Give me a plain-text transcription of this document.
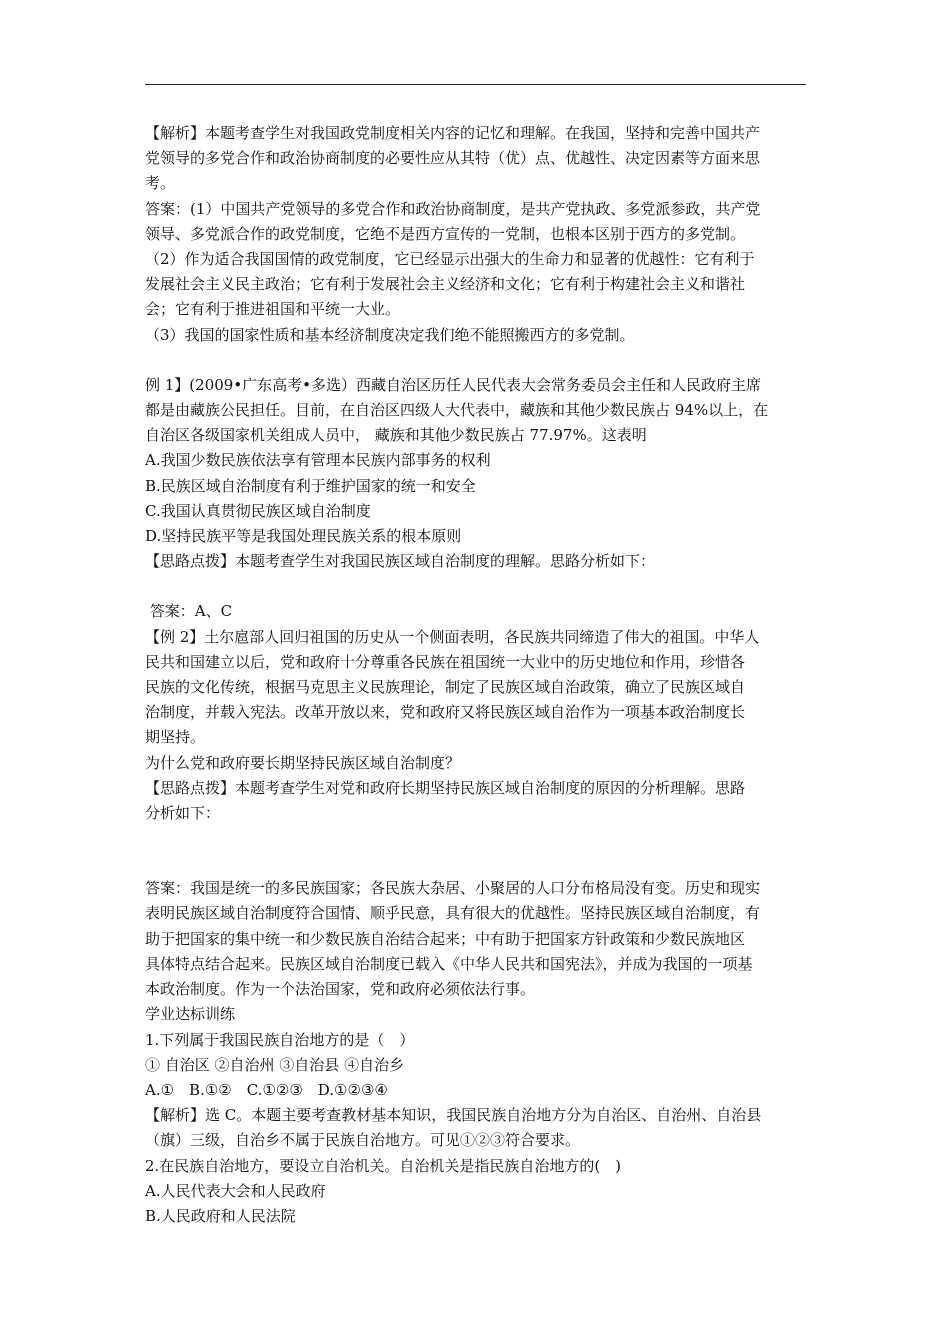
【解析】本题考查学生对我国政党制度相关内容的记忆和理解。在我国，坚持和完善中国共产

党领导的多党合作和政治协商制度的必要性应从其特（优）点、优越性、决定因素等方面来思

考。

答案：(1）中国共产党领导的多党合作和政治协商制度，是共产党执政、多党派参政，共产党

领导、多党派合作的政党制度，它绝不是西方宣传的一党制，也根本区别于西方的多党制。

（2）作为适合我国国情的政党制度，它已经显示出强大的生命力和显著的优越性：它有利于

发展社会主义民主政治；它有利于发展社会主义经济和文化；它有利于构建社会主义和谐社

会；它有利于推进祖国和平统一大业。

（3）我国的国家性质和基本经济制度决定我们绝不能照搬西方的多党制。

例 1】(2009•广东高考•多选）西藏自治区历任人民代表大会常务委员会主任和人民政府主席

都是由藏族公民担任。目前，在自治区四级人大代表中，藏族和其他少数民族占 94%以上，在

自治区各级国家机关组成人员中， 藏族和其他少数民族占 77.97%。这表明

A.我国少数民族依法享有管理本民族内部事务的权利

B.民族区域自治制度有利于维护国家的统一和安全

C.我国认真贯彻民族区域自治制度

D.坚持民族平等是我国处理民族关系的根本原则

【思路点拨】本题考查学生对我国民族区域自治制度的理解。思路分析如下：

答案：A、C

【例 2】土尔扈部人回归祖国的历史从一个侧面表明，各民族共同缔造了伟大的祖国。中华人

民共和国建立以后，党和政府十分尊重各民族在祖国统一大业中的历史地位和作用，珍惜各

民族的文化传统，根据马克思主义民族理论，制定了民族区域自治政策，确立了民族区域自

治制度，并载入宪法。改革开放以来，党和政府又将民族区域自治作为一项基本政治制度长

期坚持。

为什么党和政府要长期坚持民族区域自治制度？

【思路点拨】本题考查学生对党和政府长期坚持民族区域自治制度的原因的分析理解。思路

分析如下：

答案：我国是统一的多民族国家；各民族大杂居、小聚居的人口分布格局没有变。历史和现实

表明民族区域自治制度符合国情、顺乎民意，具有很大的优越性。坚持民族区域自治制度，有

助于把国家的集中统一和少数民族自治结合起来；中有助于把国家方针政策和少数民族地区

具体特点结合起来。民族区域自治制度已载入《中华人民共和国宪法》，并成为我国的一项基

本政治制度。作为一个法治国家，党和政府必须依法行事。

学业达标训练

1.下列属于我国民族自治地方的是（　）

① 自治区 ②自治州 ③自治县 ④自治乡

A.①　B.①②　C.①②③　D.①②③④

【解析】选 C。本题主要考查教材基本知识，我国民族自治地方分为自治区、自治州、自治县

（旗）三级，自治乡不属于民族自治地方。可见①②③符合要求。

2.在民族自治地方，要设立自治机关。自治机关是指民族自治地方的(　)

A.人民代表大会和人民政府

B.人民政府和人民法院
